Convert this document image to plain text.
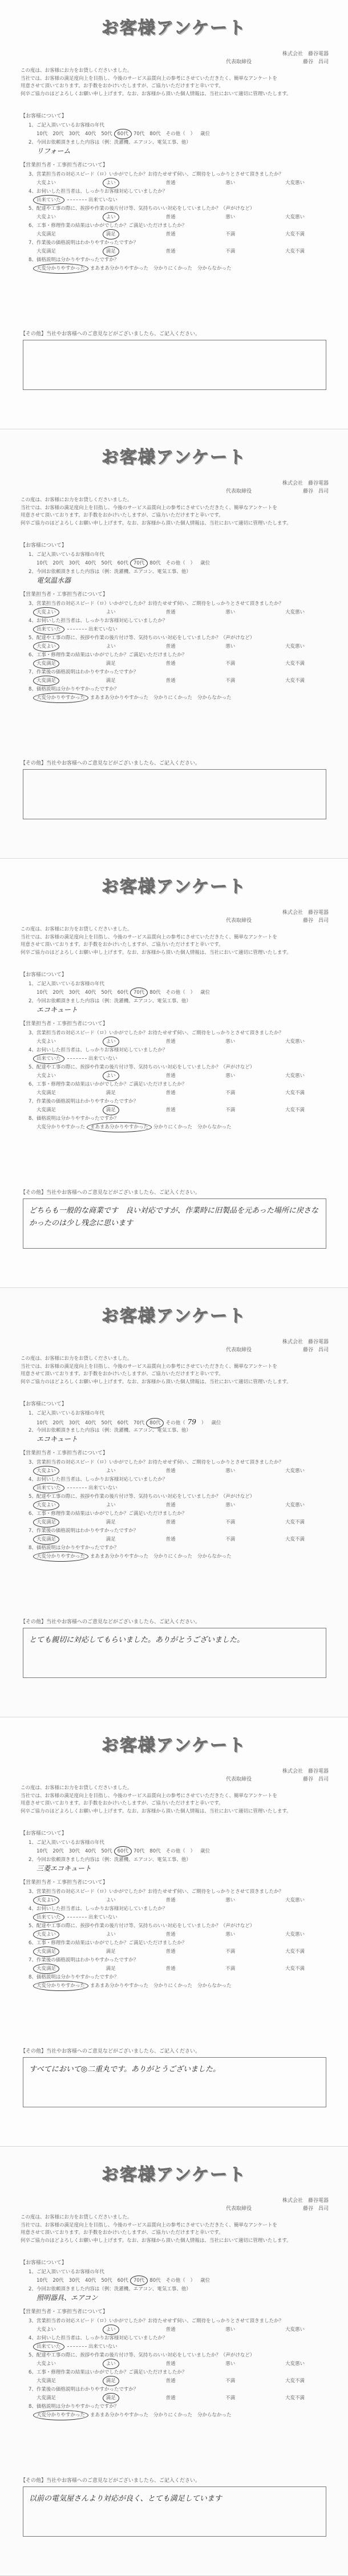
お客様アンケート
株式会社　藤谷電器
代表取締役	藤谷　昌司

この度は、お客様にお力をお貸しくださいました。

当社では、お客様の満足度向上を目指し、今後のサービス品質向上の参考にさせていただきたく、簡単なアンケートを

用意させて頂いております。お手数をおかけいたしますが、ご協力いただけますと幸いです。

何卒ご協力のほどよろしくお願い申し上げます。なお、お客様から頂いた個人情報は、当社において適切に管理いたします。

【お客様について】
1、ご記入頂いているお客様の年代
10代 20代 30代 40代 50代 60代 70代 80代 その他（ ） 歳位
2、今回お依頼頂きました内容は（例：洗濯機、エアコン、電気工事、他）
リフォーム
【営業担当者・工事担当者について】
3、営業担当者の対応スピード（ロ）いかがでしたか？お待たせせず伺い、ご期待をしっかりとさせて頂きましたか？
大変よい	よい	普通	悪い	大変悪い
4、お伺いした担当者は、しっかりお客様対応していましたか？
出来ていた	出来ていない
5、配達や工事の際に、挨拶や作業の後片付け等、気持ちのいい対応をしていましたか？（声がけなど）
大変よい	よい	普通	悪い	大変悪い
6、工事・修理作業の結果はいかがでしたか？ご満足いただけましたか？
大変満足	満足	普通	不満	大変不満
7、作業後の価格説明はわかりやすかったですか？
大変満足	満足	普通	不満	大変不満
8、価格説明は分かりやすかったですか？
大変分かりやすかった まあまあ分かりやすかった 分かりにくかった 分からなかった
【その他】当社やお客様へのご意見などがございましたら、ご記入ください。
お客様アンケート
株式会社　藤谷電器
代表取締役	藤谷　昌司

この度は、お客様にお力をお貸しくださいました。

当社では、お客様の満足度向上を目指し、今後のサービス品質向上の参考にさせていただきたく、簡単なアンケートを

用意させて頂いております。お手数をおかけいたしますが、ご協力いただけますと幸いです。

何卒ご協力のほどよろしくお願い申し上げます。なお、お客様から頂いた個人情報は、当社において適切に管理いたします。

【お客様について】
1、ご記入頂いているお客様の年代
10代 20代 30代 40代 50代 60代 70代 80代 その他（ ） 歳位
2、今回お依頼頂きました内容は（例：洗濯機、エアコン、電気工事、他）
電気温水器
【営業担当者・工事担当者について】
3、営業担当者の対応スピード（ロ）いかがでしたか？お待たせせず伺い、ご期待をしっかりとさせて頂きましたか？
大変よい	よい	普通	悪い	大変悪い
4、お伺いした担当者は、しっかりお客様対応していましたか？
出来ていた	出来ていない
5、配達や工事の際に、挨拶や作業の後片付け等、気持ちのいい対応をしていましたか？（声がけなど）
大変よい	よい	普通	悪い	大変悪い
6、工事・修理作業の結果はいかがでしたか？ご満足いただけましたか？
大変満足	満足	普通	不満	大変不満
7、作業後の価格説明はわかりやすかったですか？
大変満足	満足	普通	不満	大変不満
8、価格説明は分かりやすかったですか？
大変分かりやすかった まあまあ分かりやすかった 分かりにくかった 分からなかった
【その他】当社やお客様へのご意見などがございましたら、ご記入ください。
お客様アンケート
株式会社　藤谷電器
代表取締役	藤谷　昌司

この度は、お客様にお力をお貸しくださいました。

当社では、お客様の満足度向上を目指し、今後のサービス品質向上の参考にさせていただきたく、簡単なアンケートを

用意させて頂いております。お手数をおかけいたしますが、ご協力いただけますと幸いです。

何卒ご協力のほどよろしくお願い申し上げます。なお、お客様から頂いた個人情報は、当社において適切に管理いたします。

【お客様について】
1、ご記入頂いているお客様の年代
10代 20代 30代 40代 50代 60代 70代 80代 その他（ ） 歳位
2、今回お依頼頂きました内容は（例：洗濯機、エアコン、電気工事、他）
エコキュート
【営業担当者・工事担当者について】
3、営業担当者の対応スピード（ロ）いかがでしたか？お待たせせず伺い、ご期待をしっかりとさせて頂きましたか？
大変よい	よい	普通	悪い	大変悪い
4、お伺いした担当者は、しっかりお客様対応していましたか？
出来ていた	出来ていない
5、配達や工事の際に、挨拶や作業の後片付け等、気持ちのいい対応をしていましたか？（声がけなど）
大変よい	よい	普通	悪い	大変悪い
6、工事・修理作業の結果はいかがでしたか？ご満足いただけましたか？
大変満足	満足	普通	不満	大変不満
7、作業後の価格説明はわかりやすかったですか？
大変満足	満足	普通	不満	大変不満
8、価格説明は分かりやすかったですか？
大変分かりやすかった まあまあ分かりやすかった 分かりにくかった 分からなかった
【その他】当社やお客様へのご意見などがございましたら、ご記入ください。
どちらも一般的な商業です　良い対応ですが、作業時に旧製品を元あった場所に戻さなかったのは少し残念に思います
お客様アンケート
株式会社　藤谷電器
代表取締役	藤谷　昌司

この度は、お客様にお力をお貸しくださいました。

当社では、お客様の満足度向上を目指し、今後のサービス品質向上の参考にさせていただきたく、簡単なアンケートを

用意させて頂いております。お手数をおかけいたしますが、ご協力いただけますと幸いです。

何卒ご協力のほどよろしくお願い申し上げます。なお、お客様から頂いた個人情報は、当社において適切に管理いたします。

【お客様について】
1、ご記入頂いているお客様の年代
10代 20代 30代 40代 50代 60代 70代 80代 その他（ 79 ） 歳位
2、今回お依頼頂きました内容は（例：洗濯機、エアコン、電気工事、他）
エコキュート
【営業担当者・工事担当者について】
3、営業担当者の対応スピード（ロ）いかがでしたか？お待たせせず伺い、ご期待をしっかりとさせて頂きましたか？
大変よい	よい	普通	悪い	大変悪い
4、お伺いした担当者は、しっかりお客様対応していましたか？
出来ていた	出来ていない
5、配達や工事の際に、挨拶や作業の後片付け等、気持ちのいい対応をしていましたか？（声がけなど）
大変よい	よい	普通	悪い	大変悪い
6、工事・修理作業の結果はいかがでしたか？ご満足いただけましたか？
大変満足	満足	普通	不満	大変不満
7、作業後の価格説明はわかりやすかったですか？
大変満足	満足	普通	不満	大変不満
8、価格説明は分かりやすかったですか？
大変分かりやすかった まあまあ分かりやすかった 分かりにくかった 分からなかった
【その他】当社やお客様へのご意見などがございましたら、ご記入ください。
とても親切に対応してもらいました。ありがとうございました。
お客様アンケート
株式会社　藤谷電器
代表取締役	藤谷　昌司

この度は、お客様にお力をお貸しくださいました。

当社では、お客様の満足度向上を目指し、今後のサービス品質向上の参考にさせていただきたく、簡単なアンケートを

用意させて頂いております。お手数をおかけいたしますが、ご協力いただけますと幸いです。

何卒ご協力のほどよろしくお願い申し上げます。なお、お客様から頂いた個人情報は、当社において適切に管理いたします。

【お客様について】
1、ご記入頂いているお客様の年代
10代 20代 30代 40代 50代 60代 70代 80代 その他（ ） 歳位
2、今回お依頼頂きました内容は（例：洗濯機、エアコン、電気工事、他）
三菱エコキュート
【営業担当者・工事担当者について】
3、営業担当者の対応スピード（ロ）いかがでしたか？お待たせせず伺い、ご期待をしっかりとさせて頂きましたか？
大変よい	よい	普通	悪い	大変悪い
4、お伺いした担当者は、しっかりお客様対応していましたか？
出来ていた	出来ていない
5、配達や工事の際に、挨拶や作業の後片付け等、気持ちのいい対応をしていましたか？（声がけなど）
大変よい	よい	普通	悪い	大変悪い
6、工事・修理作業の結果はいかがでしたか？ご満足いただけましたか？
大変満足	満足	普通	不満	大変不満
7、作業後の価格説明はわかりやすかったですか？
大変満足	満足	普通	不満	大変不満
8、価格説明は分かりやすかったですか？
大変分かりやすかった まあまあ分かりやすかった 分かりにくかった 分からなかった
【その他】当社やお客様へのご意見などがございましたら、ご記入ください。
すべてにおいて◎二重丸です。ありがとうございました。
お客様アンケート
株式会社　藤谷電器
代表取締役	藤谷　昌司

この度は、お客様にお力をお貸しくださいました。

当社では、お客様の満足度向上を目指し、今後のサービス品質向上の参考にさせていただきたく、簡単なアンケートを

用意させて頂いております。お手数をおかけいたしますが、ご協力いただけますと幸いです。

何卒ご協力のほどよろしくお願い申し上げます。なお、お客様から頂いた個人情報は、当社において適切に管理いたします。

【お客様について】
1、ご記入頂いているお客様の年代
10代 20代 30代 40代 50代 60代 70代 80代 その他（ ） 歳位
2、今回お依頼頂きました内容は（例：洗濯機、エアコン、電気工事、他）
照明器具、エアコン
【営業担当者・工事担当者について】
3、営業担当者の対応スピード（ロ）いかがでしたか？お待たせせず伺い、ご期待をしっかりとさせて頂きましたか？
大変よい	よい	普通	悪い	大変悪い
4、お伺いした担当者は、しっかりお客様対応していましたか？
出来ていた	出来ていない
5、配達や工事の際に、挨拶や作業の後片付け等、気持ちのいい対応をしていましたか？（声がけなど）
大変よい	よい	普通	悪い	大変悪い
6、工事・修理作業の結果はいかがでしたか？ご満足いただけましたか？
大変満足	満足	普通	不満	大変不満
7、作業後の価格説明はわかりやすかったですか？
大変満足	満足	普通	不満	大変不満
8、価格説明は分かりやすかったですか？
大変分かりやすかった まあまあ分かりやすかった 分かりにくかった 分からなかった
【その他】当社やお客様へのご意見などがございましたら、ご記入ください。
以前の電気屋さんより対応が良く、とても満足しています
